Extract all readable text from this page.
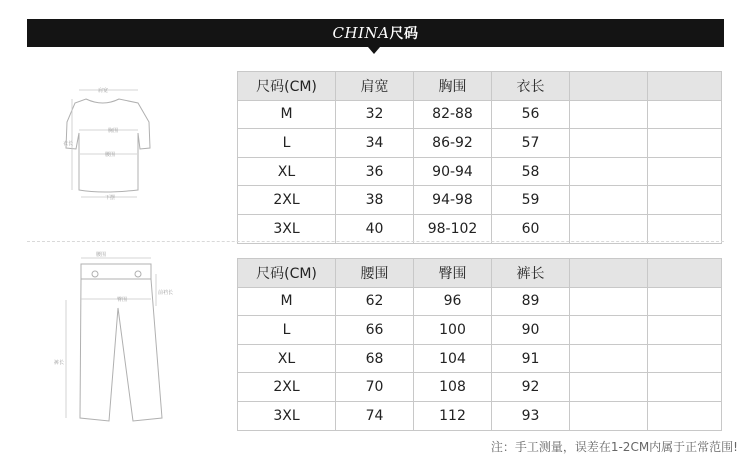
CHINA尺码
肩宽
胸围
腰围
衣长
下摆
腰围
臀围
前裆长
裤长
尺码(CM)	肩宽	胸围	衣长		
M	32	82-88	56		
L	34	86-92	57		
XL	36	90-94	58		
2XL	38	94-98	59		
3XL	40	98-102	60		
尺码(CM)	腰围	臀围	裤长		
M	62	96	89		
L	66	100	90		
XL	68	104	91		
2XL	70	108	92		
3XL	74	112	93		
注：手工测量，误差在1-2CM内属于正常范围!
